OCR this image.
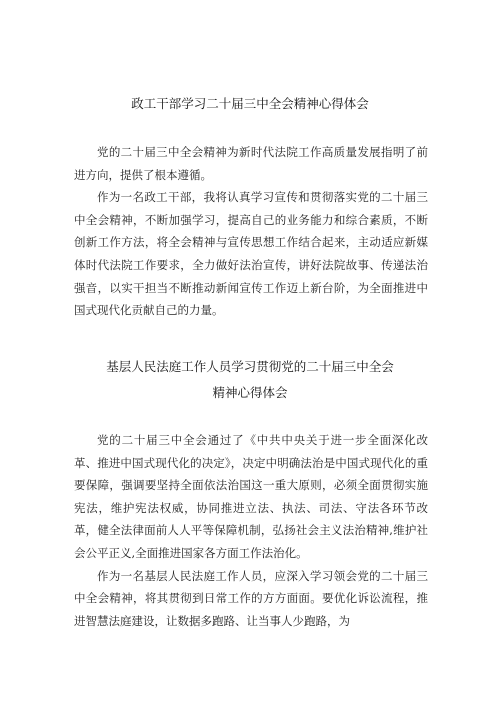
政工干部学习二十届三中全会精神心得体会

党的二十届三中全会精神为新时代法院工作高质量发展指明了前进方向，提供了根本遵循。

作为一名政工干部，我将认真学习宣传和贯彻落实党的二十届三中全会精神，不断加强学习，提高自己的业务能力和综合素质，不断创新工作方法，将全会精神与宣传思想工作结合起来，主动适应新媒体时代法院工作要求，全力做好法治宣传，讲好法院故事、传递法治强音，以实干担当不断推动新闻宣传工作迈上新台阶，为全面推进中国式现代化贡献自己的力量。

基层人民法庭工作人员学习贯彻党的二十届三中全会
精神心得体会

党的二十届三中全会通过了《中共中央关于进一步全面深化改革、推进中国式现代化的决定》，决定中明确法治是中国式现代化的重要保障，强调要坚持全面依法治国这一重大原则，必须全面贯彻实施宪法，维护宪法权威，协同推进立法、执法、司法、守法各环节改革，健全法律面前人人平等保障机制，弘扬社会主义法治精神,维护社会公平正义,全面推进国家各方面工作法治化。

作为一名基层人民法庭工作人员，应深入学习领会党的二十届三中全会精神，将其贯彻到日常工作的方方面面。要优化诉讼流程，推进智慧法庭建设，让数据多跑路、让当事人少跑路，为
